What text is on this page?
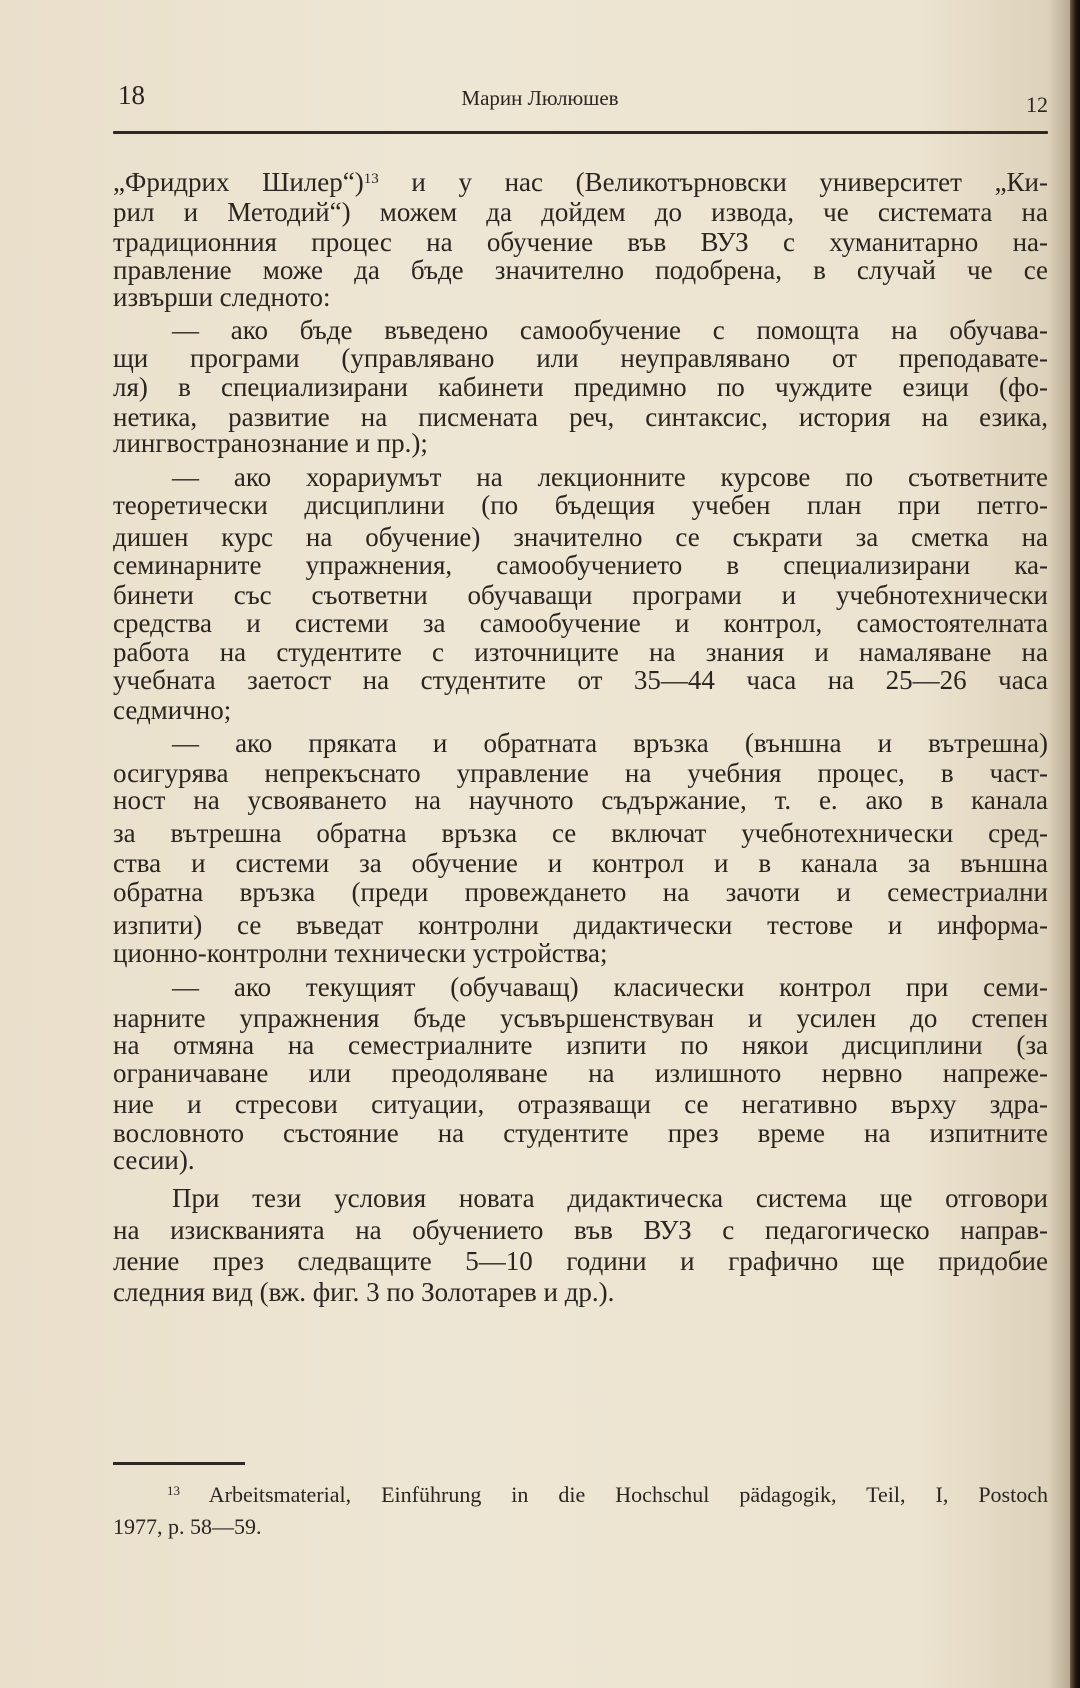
18	Марин Люлюшев	12
„Фридрих Шилер“)$^{13}$ и у нас (Великотърновски университет „Ки-
рил и Методий“) можем да дойдем до извода, че системата на
традиционния процес на обучение във ВУЗ с хуманитарно на-
правление може да бъде значително подобрена, в случай че се
извърши следното:
— ако бъде въведено самообучение с помощта на обучава-
щи програми (управлявано или неуправлявано от преподавате-
ля) в специализирани кабинети предимно по чуждите езици (фо-
нетика, развитие на писмената реч, синтаксис, история на езика,
лингвостранознание и пр.);
— ако хорариумът на лекционните курсове по съответните
теоретически дисциплини (по бъдещия учебен план при петго-
дишен курс на обучение) значително се съкрати за сметка на
семинарните упражнения, самообучението в специализирани ка-
бинети със съответни обучаващи програми и учебнотехнически
средства и системи за самообучение и контрол, самостоятелната
работа на студентите с източниците на знания и намаляване на
учебната заетост на студентите от 35—44 часа на 25—26 часа
седмично;
— ако пряката и обратната връзка (външна и вътрешна)
осигурява непрекъснато управление на учебния процес, в част-
ност на усвояването на научното съдържание, т. е. ако в канала
за вътрешна обратна връзка се включат учебнотехнически сред-
ства и системи за обучение и контрол и в канала за външна
обратна връзка (преди провеждането на зачоти и семестриални
изпити) се въведат контролни дидактически тестове и информа-
ционно-контролни технически устройства;
— ако текущият (обучаващ) класически контрол при семи-
нарните упражнения бъде усъвършенствуван и усилен до степен
на отмяна на семестриалните изпити по някои дисциплини (за
ограничаване или преодоляване на излишното нервно напреже-
ние и стресови ситуации, отразяващи се негативно върху здра-
вословното състояние на студентите през време на изпитните
сесии).
При тези условия новата дидактическа система ще отговори
на изискванията на обучението във ВУЗ с педагогическо направ-
ление през следващите 5—10 години и графично ще придобие
следния вид (вж. фиг. 3 по Золотарев и др.).
$^{13}$ Arbeitsmaterial, Einführung in die Hochschul pädagogik, Teil, I, Postoch
1977, p. 58—59.
